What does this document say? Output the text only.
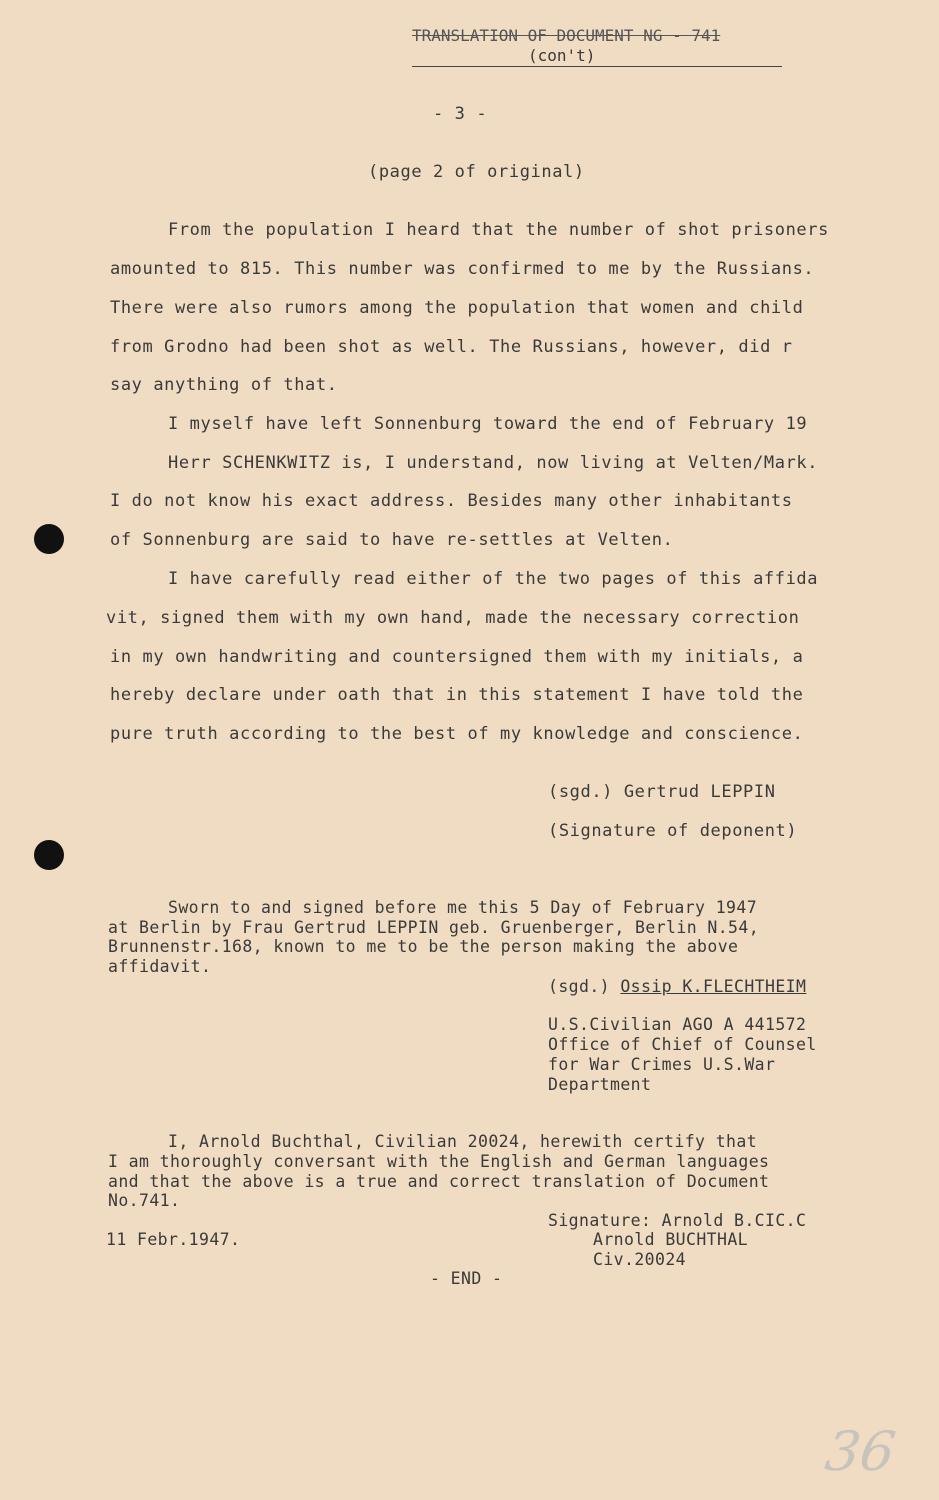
TRANSLATION OF DOCUMENT NG - 741
(con't)
- 3 -
(page 2 of original)
From the population I heard that the number of shot prisoners
amounted to 815. This number was confirmed to me by the Russians.
There were also rumors among the population that women and child
from Grodno had been shot as well. The Russians, however, did r
say anything of that.
I myself have left Sonnenburg toward the end of February 19
Herr SCHENKWITZ is, I understand, now living at Velten/Mark.
I do not know his exact address. Besides many other inhabitants
of Sonnenburg are said to have re-settles at Velten.
I have carefully read either of the two pages of this affida
vit, signed them with my own hand, made the necessary correction
in my own handwriting and countersigned them with my initials, a
hereby declare under oath that in this statement I have told the
pure truth according to the best of my knowledge and conscience.
(sgd.) Gertrud LEPPIN
(Signature of deponent)
Sworn to and signed before me this 5 Day of February 1947
at Berlin by Frau Gertrud LEPPIN geb. Gruenberger, Berlin N.54,
Brunnenstr.168, known to me to be the person making the above
affidavit.
(sgd.) Ossip K.FLECHTHEIM
U.S.Civilian AGO A 441572
Office of Chief of Counsel
for War Crimes U.S.War
Department
I, Arnold Buchthal, Civilian 20024, herewith certify that
I am thoroughly conversant with the English and German languages
and that the above is a true and correct translation of Document
No.741.
Signature: Arnold B.CIC.C
Arnold BUCHTHAL
Civ.20024
11 Febr.1947.
- END -
36
